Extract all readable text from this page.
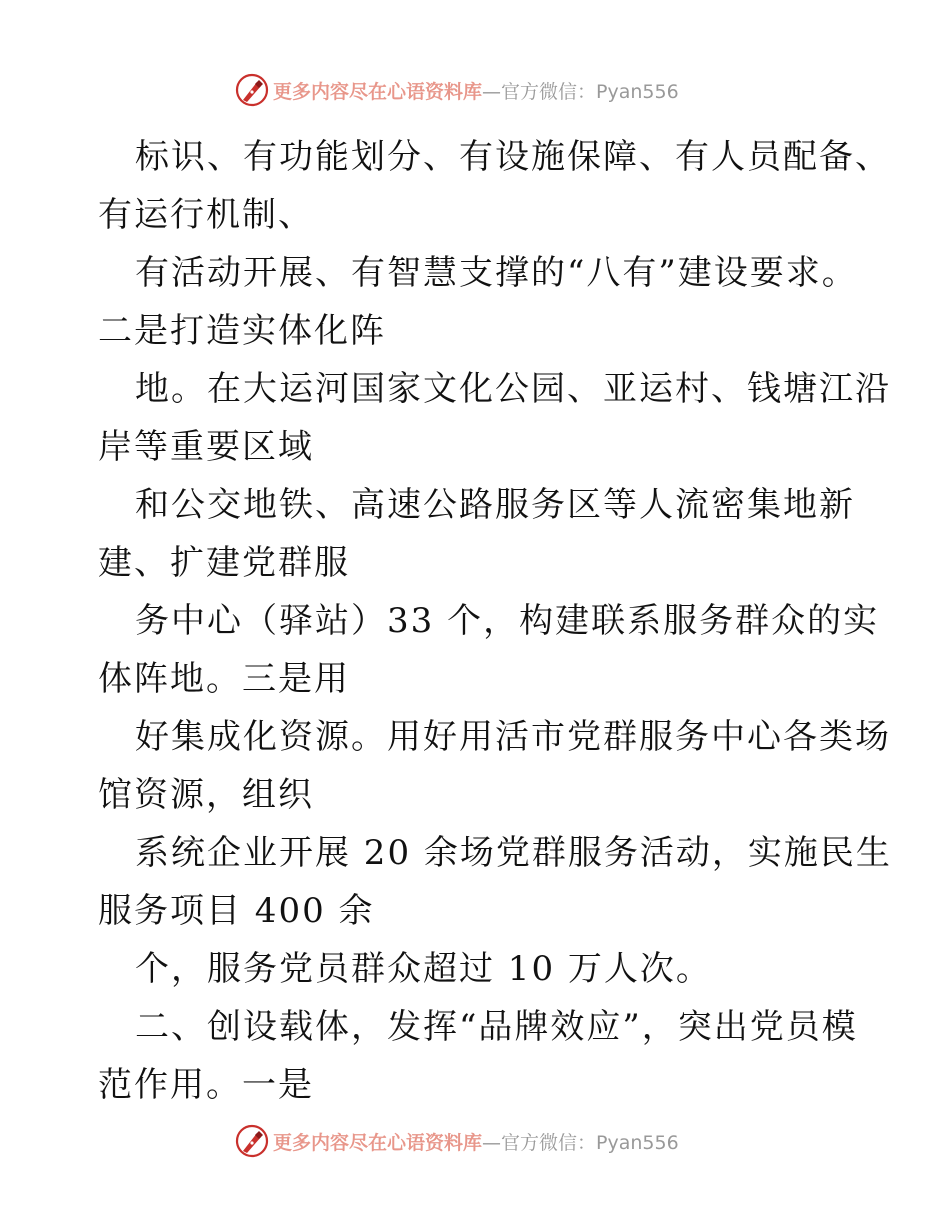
更多内容尽在心语资料库 —官方微信：Pyan556
标识、有功能划分、有设施保障、有人员配备、
有运行机制、
有活动开展、有智慧支撑的“八有”建设要求。
二是打造实体化阵
地。在大运河国家文化公园、亚运村、钱塘江沿
岸等重要区域
和公交地铁、高速公路服务区等人流密集地新
建、扩建党群服
务中心（驿站）33 个，构建联系服务群众的实
体阵地。三是用
好集成化资源。用好用活市党群服务中心各类场
馆资源，组织
系统企业开展 20 余场党群服务活动，实施民生
服务项目 400 余
个，服务党员群众超过 10 万人次。
二、创设载体，发挥“品牌效应”，突出党员模
范作用。一是
更多内容尽在心语资料库 —官方微信：Pyan556
